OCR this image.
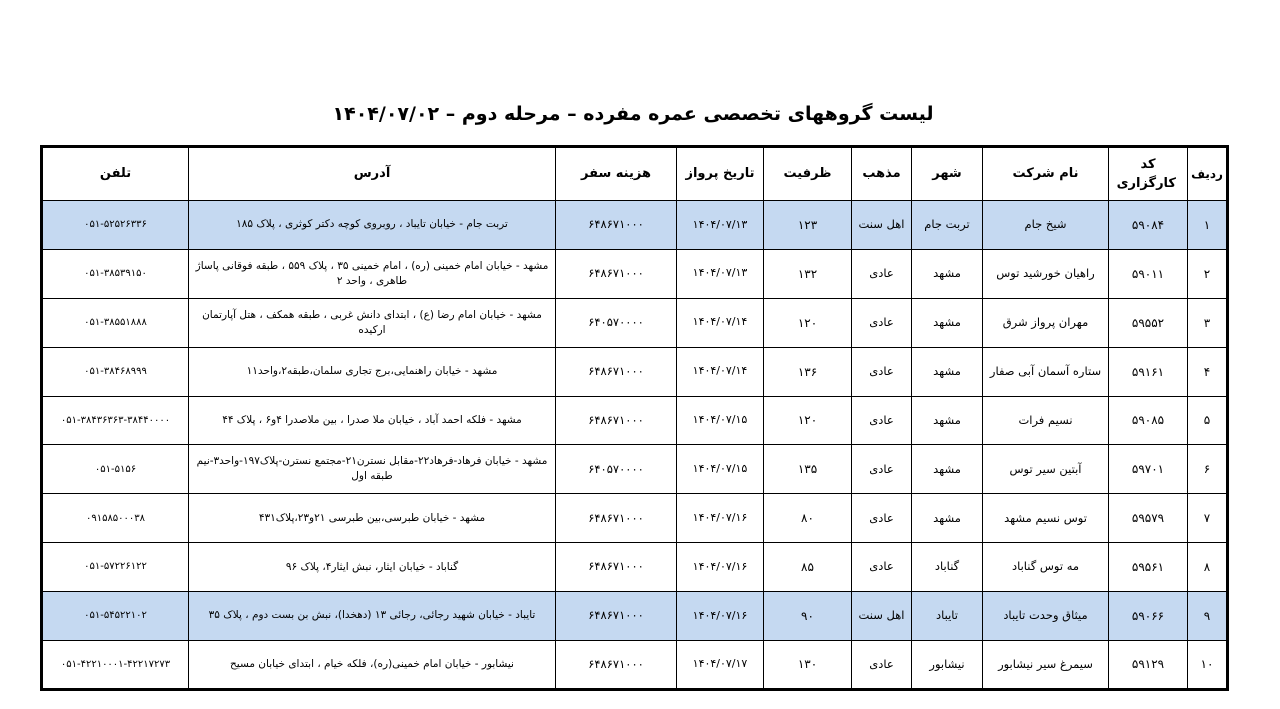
لیست گروههای تخصصی عمره مفرده – مرحله دوم – ۱۴۰۴/۰۷/۰۲
ردیف	کد کارگزاری	نام شرکت	شهر	مذهب	ظرفیت	تاریخ پرواز	هزینه سفر	آدرس	تلفن
۱	۵۹۰۸۴	شیخ جام	تربت جام	اهل سنت	۱۲۳	۱۴۰۴/۰۷/۱۳	۶۴۸۶۷۱۰۰۰	تربت جام - خیابان تایباد ، روبروی کوچه دکتر کوثری ، پلاک ۱۸۵	۰۵۱-۵۲۵۲۶۳۳۶
۲	۵۹۰۱۱	راهیان خورشید توس	مشهد	عادی	۱۳۲	۱۴۰۴/۰۷/۱۳	۶۴۸۶۷۱۰۰۰	مشهد - خیابان امام خمینی (ره) ، امام خمینی ۳۵ ، پلاک ۵۵۹ ، طبقه فوقانی پاساژ طاهری ، واحد ۲	۰۵۱-۳۸۵۳۹۱۵۰
۳	۵۹۵۵۲	مهران پرواز شرق	مشهد	عادی	۱۲۰	۱۴۰۴/۰۷/۱۴	۶۴۰۵۷۰۰۰۰	مشهد - خیابان امام رضا (ع) ، ابتدای دانش غربی ، طبقه همکف ، هتل آپارتمان ارکیده	۰۵۱-۳۸۵۵۱۸۸۸
۴	۵۹۱۶۱	ستاره آسمان آبی صفار	مشهد	عادی	۱۳۶	۱۴۰۴/۰۷/۱۴	۶۴۸۶۷۱۰۰۰	مشهد - خیابان راهنمایی،برج تجاری سلمان،طبقه۲،واحد۱۱	۰۵۱-۳۸۴۶۸۹۹۹
۵	۵۹۰۸۵	نسیم فرات	مشهد	عادی	۱۲۰	۱۴۰۴/۰۷/۱۵	۶۴۸۶۷۱۰۰۰	مشهد - فلکه احمد آباد ، خیابان ملا صدرا ، بین ملاصدرا ۴و۶ ، پلاک ۴۴	۰۵۱-۳۸۴۳۶۳۶۳-۳۸۴۴۰۰۰۰
۶	۵۹۷۰۱	آبتین سیر توس	مشهد	عادی	۱۳۵	۱۴۰۴/۰۷/۱۵	۶۴۰۵۷۰۰۰۰	مشهد - خیابان فرهاد-فرهاد۲۲-مقابل نسترن۲۱-مجتمع نسترن-پلاک۱۹۷-واحد۳-نیم طبقه اول	۰۵۱-۵۱۵۶
۷	۵۹۵۷۹	توس نسیم مشهد	مشهد	عادی	۸۰	۱۴۰۴/۰۷/۱۶	۶۴۸۶۷۱۰۰۰	مشهد - خیابان طبرسی،بین طبرسی ۲۱و۲۳،پلاک۴۳۱	۰۹۱۵۸۵۰۰۰۳۸
۸	۵۹۵۶۱	مه توس گناباد	گناباد	عادی	۸۵	۱۴۰۴/۰۷/۱۶	۶۴۸۶۷۱۰۰۰	گناباد - خیابان ایثار، نبش ایثار۴، پلاک ۹۶	۰۵۱-۵۷۲۲۶۱۲۲
۹	۵۹۰۶۶	میثاق وحدت تایباد	تایباد	اهل سنت	۹۰	۱۴۰۴/۰۷/۱۶	۶۴۸۶۷۱۰۰۰	تایباد - خیابان شهید رجائی، رجائی ۱۳ (دهخدا)، نبش بن بست دوم ، پلاک ۳۵	۰۵۱-۵۴۵۲۲۱۰۲
۱۰	۵۹۱۲۹	سیمرغ سیر نیشابور	نیشابور	عادی	۱۳۰	۱۴۰۴/۰۷/۱۷	۶۴۸۶۷۱۰۰۰	نیشابور - خیابان امام خمینی(ره)، فلکه خیام ، ابتدای خیابان مسیح	۰۵۱-۴۲۲۱۰۰۰۱-۴۲۲۱۷۲۷۳
